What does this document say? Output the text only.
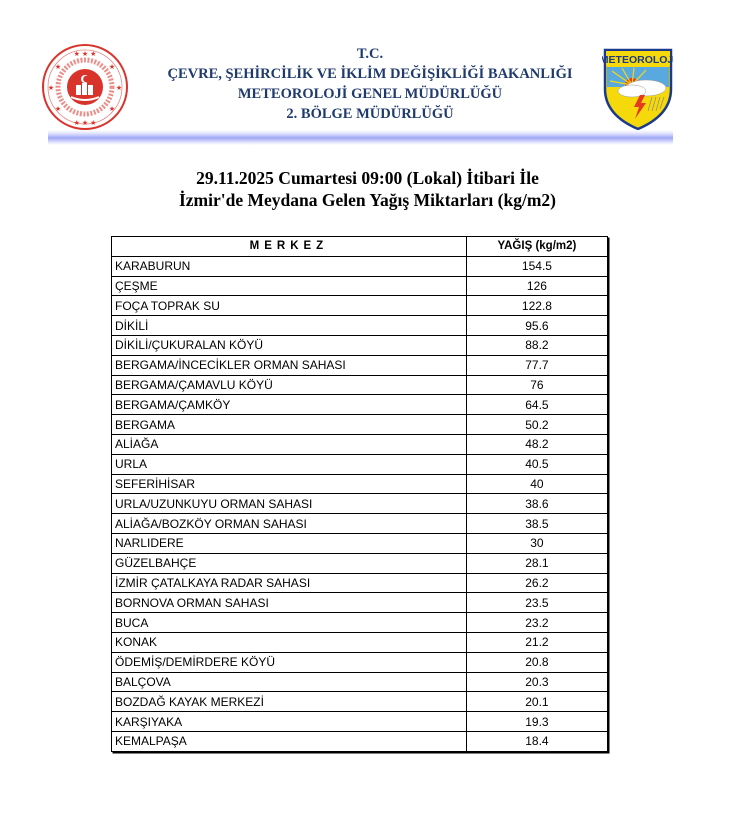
★ ★ ★
★ ★ ★
★	★
★	★
★	★
METEOROLOJi
T.C.
ÇEVRE, ŞEHİRCİLİK VE İKLİM DEĞİŞİKLİĞİ BAKANLIĞI
METEOROLOJİ GENEL MÜDÜRLÜĞÜ
2. BÖLGE MÜDÜRLÜĞÜ
29.11.2025 Cumartesi 09:00 (Lokal) İtibari İle
İzmir'de Meydana Gelen Yağış Miktarları (kg/m2)
MERKEZ	YAĞIŞ (kg/m2)
KARABURUN	154.5
ÇEŞME	126
FOÇA TOPRAK SU	122.8
DİKİLİ	95.6
DİKİLİ/ÇUKURALAN KÖYÜ	88.2
BERGAMA/İNCECİKLER ORMAN SAHASI	77.7
BERGAMA/ÇAMAVLU KÖYÜ	76
BERGAMA/ÇAMKÖY	64.5
BERGAMA	50.2
ALİAĞA	48.2
URLA	40.5
SEFERİHİSAR	40
URLA/UZUNKUYU ORMAN SAHASI	38.6
ALİAĞA/BOZKÖY ORMAN SAHASI	38.5
NARLIDERE	30
GÜZELBAHÇE	28.1
İZMİR ÇATALKAYA RADAR SAHASI	26.2
BORNOVA ORMAN SAHASI	23.5
BUCA	23.2
KONAK	21.2
ÖDEMİŞ/DEMİRDERE KÖYÜ	20.8
BALÇOVA	20.3
BOZDAĞ KAYAK MERKEZİ	20.1
KARŞIYAKA	19.3
KEMALPAŞA	18.4
